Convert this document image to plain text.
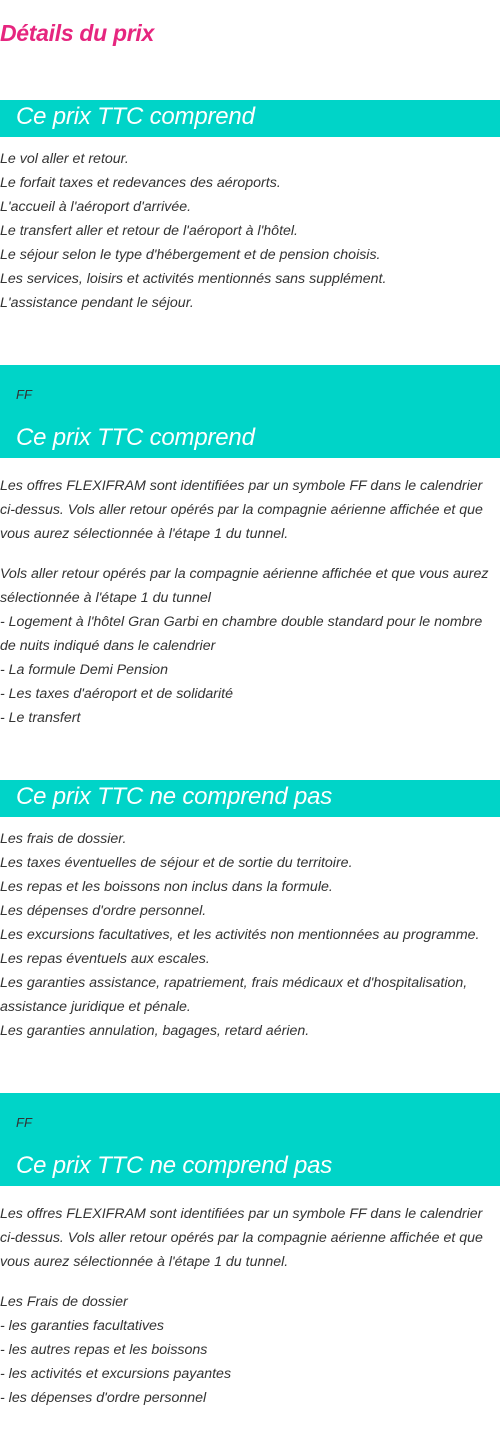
Détails du prix
Ce prix TTC comprend
Le vol aller et retour.
Le forfait taxes et redevances des aéroports.
L'accueil à l'aéroport d'arrivée.
Le transfert aller et retour de l'aéroport à l'hôtel.
Le séjour selon le type d'hébergement et de pension choisis.
Les services, loisirs et activités mentionnés sans supplément.
L'assistance pendant le séjour.
FF
Ce prix TTC comprend
Les offres FLEXIFRAM sont identifiées par un symbole FF dans le calendrier ci-dessus. Vols aller retour opérés par la compagnie aérienne affichée et que vous aurez sélectionnée à l'étape 1 du tunnel.
Vols aller retour opérés par la compagnie aérienne affichée et que vous aurez
sélectionnée à l'étape 1 du tunnel
- Logement à l'hôtel Gran Garbi en chambre double standard pour le nombre
de nuits indiqué dans le calendrier
- La formule Demi Pension
- Les taxes d'aéroport et de solidarité
- Le transfert
Ce prix TTC ne comprend pas
Les frais de dossier.
Les taxes éventuelles de séjour et de sortie du territoire.
Les repas et les boissons non inclus dans la formule.
Les dépenses d'ordre personnel.
Les excursions facultatives, et les activités non mentionnées au programme.
Les repas éventuels aux escales.
Les garanties assistance, rapatriement, frais médicaux et d'hospitalisation,
assistance juridique et pénale.
Les garanties annulation, bagages, retard aérien.
FF
Ce prix TTC ne comprend pas
Les offres FLEXIFRAM sont identifiées par un symbole FF dans le calendrier ci-dessus. Vols aller retour opérés par la compagnie aérienne affichée et que vous aurez sélectionnée à l'étape 1 du tunnel.
Les Frais de dossier
- les garanties facultatives
- les autres repas et les boissons
- les activités et excursions payantes
- les dépenses d'ordre personnel
